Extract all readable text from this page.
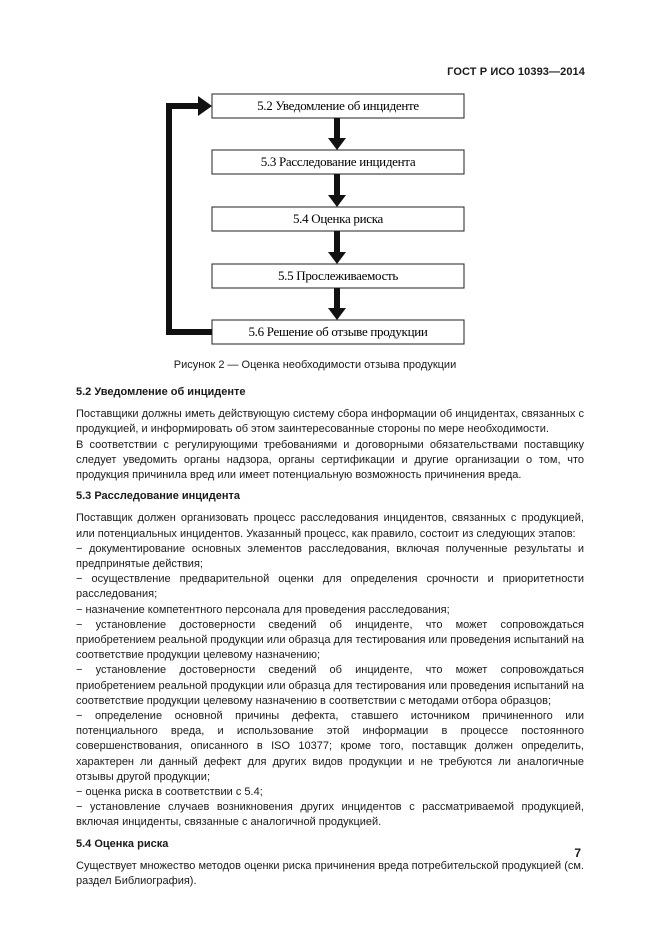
ГОСТ Р ИСО 10393—2014
5.2 Уведомление об инциденте
5.3 Расследование инцидента
5.4 Оценка риска
5.5 Прослеживаемость
5.6 Решение об отзыве продукции
Рисунок 2 — Оценка необходимости отзыва продукции
5.2 Уведомление об инциденте

Поставщики должны иметь действующую систему сбора информации об инцидентах, связанных с продукцией, и информировать об этом заинтересованные стороны по мере необходимости.

В соответствии с регулирующими требованиями и договорными обязательствами поставщику следует уведомить органы надзора, органы сертификации и другие организации о том, что продукция причинила вред или имеет потенциальную возможность причинения вреда.

5.3 Расследование инцидента

Поставщик должен организовать процесс расследования инцидентов, связанных с продукцией, или потенциальных инцидентов. Указанный процесс, как правило, состоит из следующих этапов:

− документирование основных элементов расследования, включая полученные результаты и предпринятые действия;

− осуществление предварительной оценки для определения срочности и приоритетности расследования;

− назначение компетентного персонала для проведения расследования;

− установление достоверности сведений об инциденте, что может сопровождаться приобретением реальной продукции или образца для тестирования или проведения испытаний на соответствие продукции целевому назначению;

− установление достоверности сведений об инциденте, что может сопровождаться приобретением реальной продукции или образца для тестирования или проведения испытаний на соответствие продукции целевому назначению в соответствии с методами отбора образцов;

− определение основной причины дефекта, ставшего источником причиненного или потенциального вреда, и использование этой информации в процессе постоянного совершенствования, описанного в ISO 10377; кроме того, поставщик должен определить, характерен ли данный дефект для других видов продукции и не требуются ли аналогичные отзывы другой продукции;

− оценка риска в соответствии с 5.4;

− установление случаев возникновения других инцидентов с рассматриваемой продукцией, включая инциденты, связанные с аналогичной продукцией.

5.4 Оценка риска

Существует множество методов оценки риска причинения вреда потребительской продукцией (см. раздел Библиография).

7
